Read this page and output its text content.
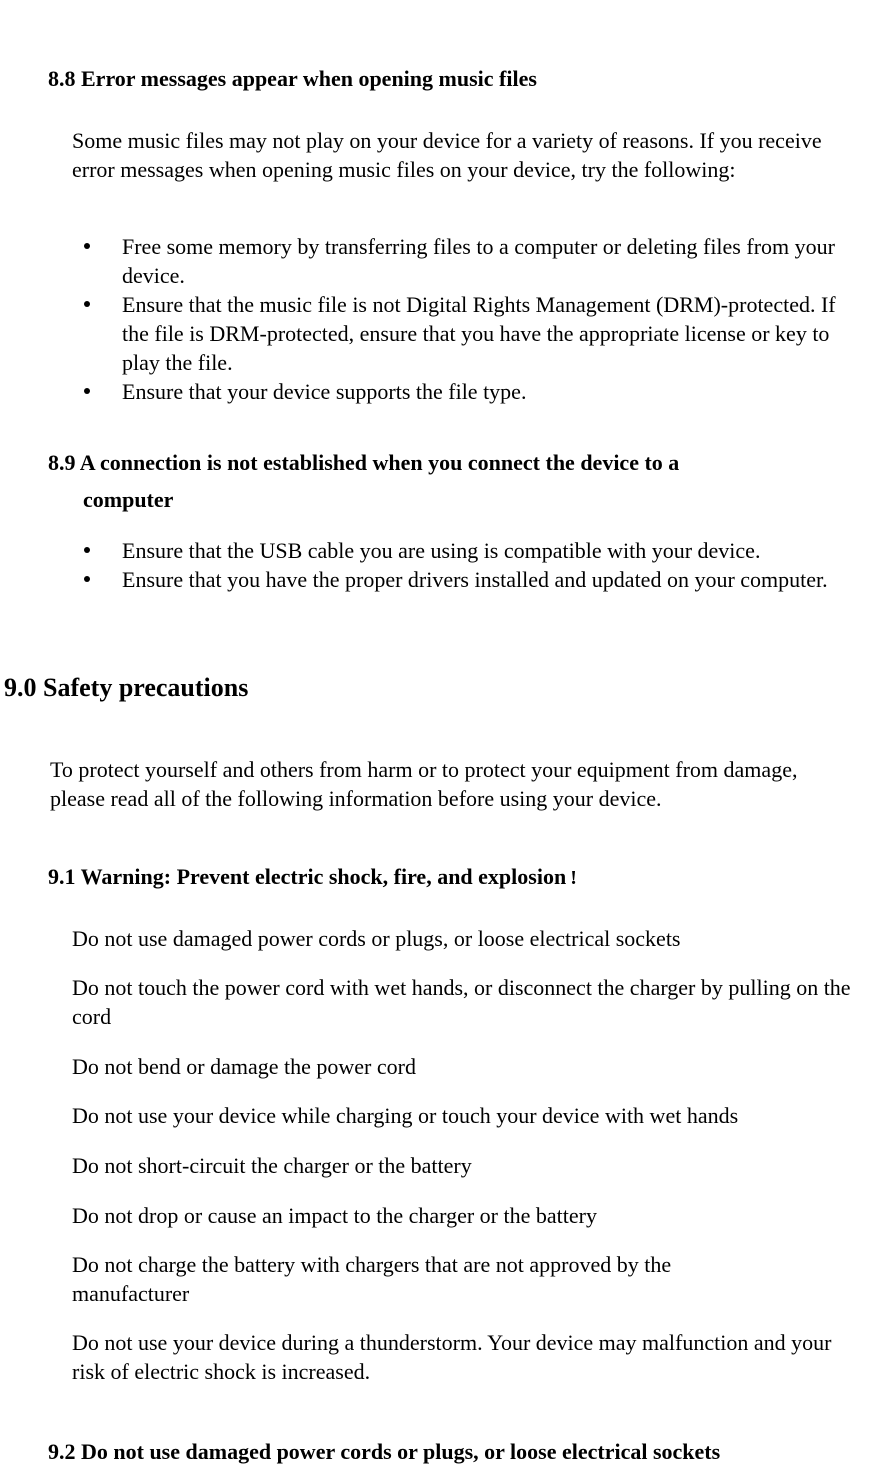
8.8 Error messages appear when opening music files
Some music files may not play on your device for a variety of reasons. If you receive error messages when opening music files on your device, try the following:
Free some memory by transferring files to a computer or deleting files from your device.
Ensure that the music file is not Digital Rights Management (DRM)-protected. If the file is DRM-protected, ensure that you have the appropriate license or key to play the file.
Ensure that your device supports the file type.
8.9 A connection is not established when you connect the device to a
computer
Ensure that the USB cable you are using is compatible with your device.
Ensure that you have the proper drivers installed and updated on your computer.
9.0 Safety precautions
To protect yourself and others from harm or to protect your equipment from damage, please read all of the following information before using your device.
9.1 Warning: Prevent electric shock, fire, and explosion !
Do not use damaged power cords or plugs, or loose electrical sockets
Do not touch the power cord with wet hands, or disconnect the charger by pulling on the cord
Do not bend or damage the power cord
Do not use your device while charging or touch your device with wet hands
Do not short-circuit the charger or the battery
Do not drop or cause an impact to the charger or the battery
Do not charge the battery with chargers that are not approved by the manufacturer
Do not use your device during a thunderstorm. Your device may malfunction and your risk of electric shock is increased.
9.2 Do not use damaged power cords or plugs, or loose electrical sockets
